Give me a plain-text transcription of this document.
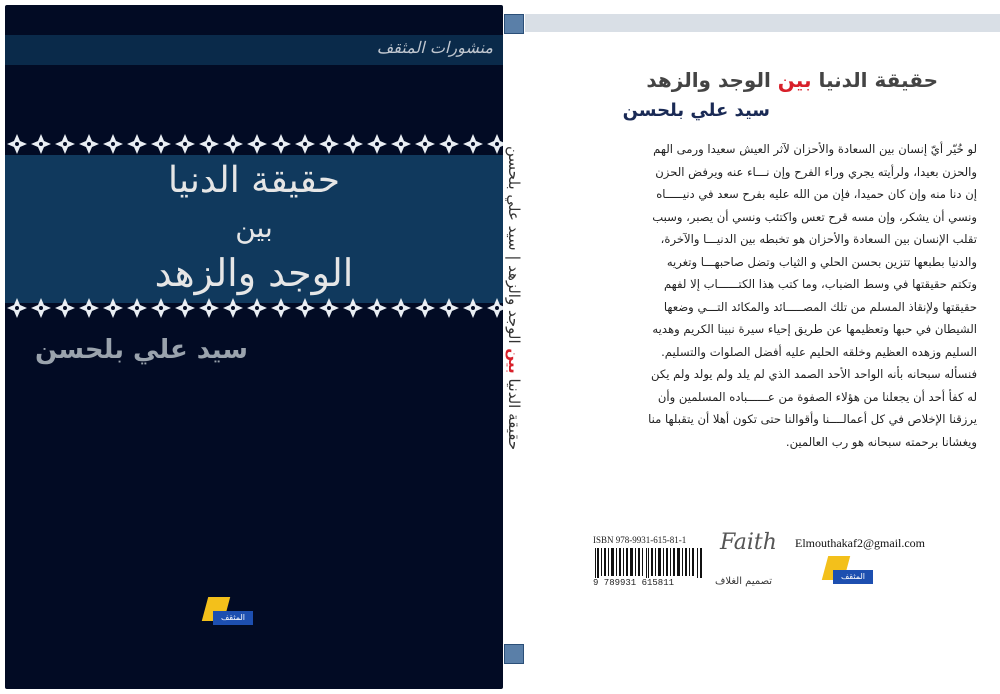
منشورات المثقف
حقيقة الدنيا
بين
الوجد والزهد
سيد علي بلحسن
المثقف
حقيقة الدنيا بين الوجد والزهد | سيد علي بلحسن
حقيقة الدنيا بين الوجد والزهد
سيد علي بلحسن
لو خُيّر أيّ إنسان بين السعادة والأحزان لآثر العيش سعيدا ورمى الهم
والحزن بعيدا، ولرأيته يجري وراء الفرح وإن نـــاء عنه ويرفض الحزن
إن دنا منه وإن كان حميدا، فإن من الله عليه بفرح سعد في دنيـــــاه
ونسي أن يشكر، وإن مسه قرح تعس واكتئب ونسي أن يصبر، وسبب
تقلب الإنسان بين السعادة والأحزان هو تخبطه بين الدنيـــا والآخرة،
والدنيا بطبعها تتزين بحسن الحلي و الثياب وتضل صاحبهـــا وتغريه
وتكتم حقيقتها في وسط الضباب، وما كتب هذا الكتــــــاب إلا لفهم
حقيقتها ولإنقاذ المسلم من تلك المصـــــائد والمكائد التـــي وضعها
الشيطان في حبها وتعظيمها عن طريق إحياء سيرة نبينا الكريم وهديه
السليم وزهده العظيم وخلقه الحليم عليه أفضل الصلوات والتسليم.
فنسأله سبحانه بأنه الواحد الأحد الصمد الذي لم يلد ولم يولد ولم يكن
له كفأ أحد أن يجعلنا من هؤلاء الصفوة من عــــــباده المسلمين وأن
يرزقنا الإخلاص في كل أعمالــــنا وأقوالنا حتى تكون أهلا أن يتقبلها منا
ويغشانا برحمته سبحانه هو رب العالمين.
ISBN 978-9931-615-81-1
9 789931 615811
Faith
تصميم الغلاف
Elmouthakaf2@gmail.com
المثقف
